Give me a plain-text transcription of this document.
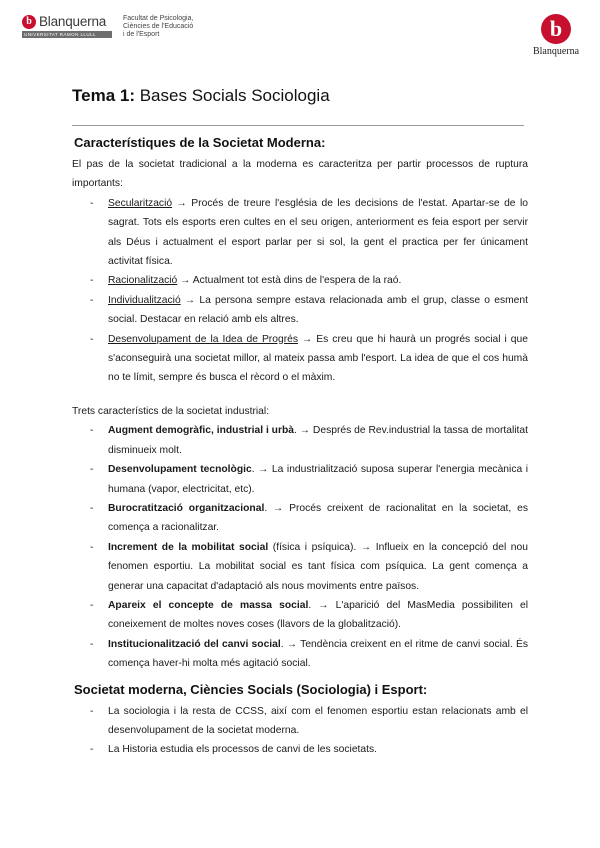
b Blanquerna
UNIVERSITAT RAMON LLULL
Facultat de Psicologia,
Ciències de l'Educació
i de l'Esport	b
Blanquerna
Tema 1: Bases Socials Sociologia
Característiques de la Societat Moderna:

El pas de la societat tradicional a la moderna es caracteritza per partir processos de ruptura importants:

- Secularització → Procés de treure l'església de les decisions de l'estat. Apartar-se de lo sagrat. Tots els esports eren cultes en el seu origen, anteriorment es feia esport per servir als Déus i actualment el esport parlar per si sol, la gent el practica per fer únicament activitat física.
- Racionalització → Actualment tot està dins de l'espera de la raó.
- Individualització → La persona sempre estava relacionada amb el grup, classe o esment social. Destacar en relació amb els altres.
- Desenvolupament de la Idea de Progrés → Es creu que hi haurà un progrés social i que s'aconseguirà una societat millor, al mateix passa amb l'esport. La idea de que el cos humà no te límit, sempre és busca el rècord o el màxim.

Trets característics de la societat industrial:

- Augment demogràfic, industrial i urbà. → Després de Rev.industrial la tassa de mortalitat disminueix molt.
- Desenvolupament tecnològic. → La industrialització suposa superar l'energia mecànica i humana (vapor, electricitat, etc).
- Burocratització organitzacional. → Procés creixent de racionalitat en la societat, es comença a racionalitzar.
- Increment de la mobilitat social (física i psíquica). → Influeix en la concepció del nou fenomen esportiu. La mobilitat social es tant física com psíquica. La gent comença a generar una capacitat d'adaptació als nous moviments entre països.
- Apareix el concepte de massa social. → L'aparició del MasMedia possibiliten el coneixement de moltes noves coses (llavors de la globalització).
- Institucionalització del canvi social. → Tendència creixent en el ritme de canvi social. És comença haver-hi molta més agitació social.
Societat moderna, Ciències Socials (Sociologia) i Esport:
- La sociologia i la resta de CCSS, així com el fenomen esportiu estan relacionats amb el desenvolupament de la societat moderna.
- La Historia estudia els processos de canvi de les societats.
